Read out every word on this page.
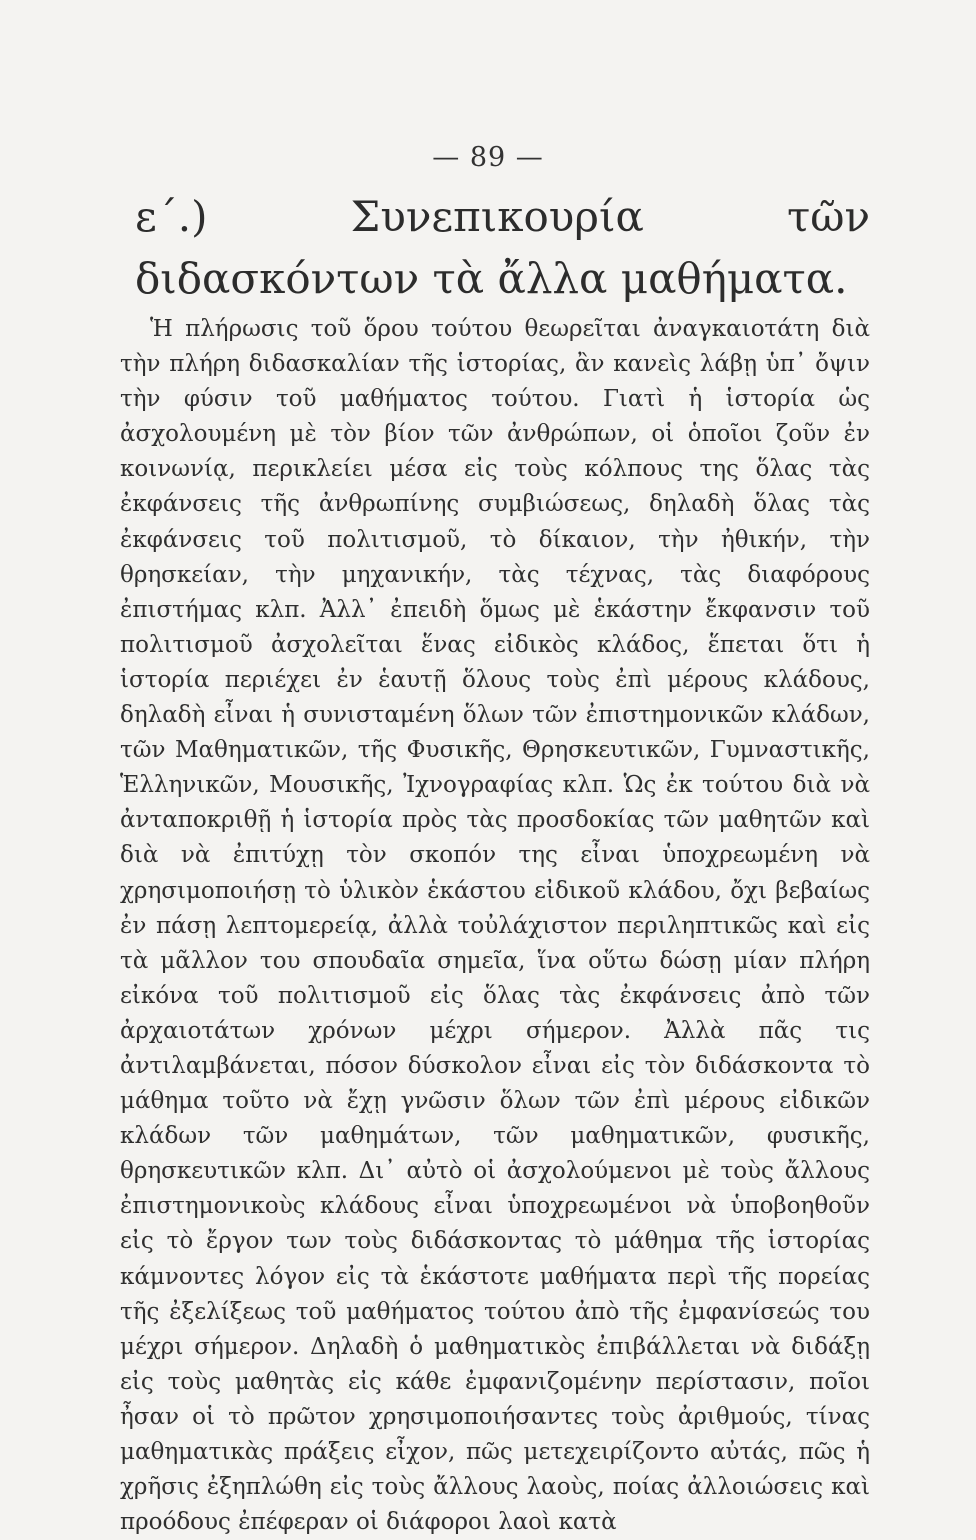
— 89 —
ε΄.) Συνεπικουρία τῶν διδασκόντων τὰ ἄλλα μαθήματα.

Ἡ πλήρωσις τοῦ ὅρου τούτου θεωρεῖται ἀναγκαιοτάτη διὰ τὴν πλήρη διδασκαλίαν τῆς ἱστορίας, ἂν κανεὶς λάβῃ ὑπ᾿ ὄψιν τὴν φύσιν τοῦ μαθήματος τούτου. Γιατὶ ἡ ἱστορία ὡς ἀσχολουμένη μὲ τὸν βίον τῶν ἀνθρώπων, οἱ ὁποῖοι ζοῦν ἐν κοινωνίᾳ, περικλείει μέσα εἰς τοὺς κόλπους της ὅλας τὰς ἐκφάνσεις τῆς ἀνθρωπίνης συμβιώσεως, δηλαδὴ ὅλας τὰς ἐκφάνσεις τοῦ πολιτισμοῦ, τὸ δίκαιον, τὴν ἠθικήν, τὴν θρησκείαν, τὴν μηχανικήν, τὰς τέχνας, τὰς διαφόρους ἐπιστήμας κλπ. Ἀλλ᾿ ἐπειδὴ ὅμως μὲ ἑκάστην ἔκφανσιν τοῦ πολιτισμοῦ ἀσχολεῖται ἕνας εἰδικὸς κλάδος, ἕπεται ὅτι ἡ ἱστορία περιέχει ἐν ἑαυτῇ ὅλους τοὺς ἐπὶ μέρους κλάδους, δηλαδὴ εἶναι ἡ συνισταμένη ὅλων τῶν ἐπιστημονικῶν κλάδων, τῶν Μαθηματικῶν, τῆς Φυσικῆς, Θρησκευτικῶν, Γυμναστικῆς, Ἑλληνικῶν, Μουσικῆς, Ἰχνογραφίας κλπ. Ὡς ἐκ τούτου διὰ νὰ ἀνταποκριθῇ ἡ ἱστορία πρὸς τὰς προσδοκίας τῶν μαθητῶν καὶ διὰ νὰ ἐπιτύχῃ τὸν σκοπόν της εἶναι ὑποχρεωμένη νὰ χρησιμοποιήσῃ τὸ ὑλικὸν ἑκάστου εἰδικοῦ κλάδου, ὄχι βεβαίως ἐν πάσῃ λεπτομερείᾳ, ἀλλὰ τοὐλάχιστον περιληπτικῶς καὶ εἰς τὰ μᾶλλον του σπουδαῖα σημεῖα, ἵνα οὕτω δώσῃ μίαν πλήρη εἰκόνα τοῦ πολιτισμοῦ εἰς ὅλας τὰς ἐκφάνσεις ἀπὸ τῶν ἀρχαιοτάτων χρόνων μέχρι σήμερον. Ἀλλὰ πᾶς τις ἀντιλαμβάνεται, πόσον δύσκολον εἶναι εἰς τὸν διδάσκοντα τὸ μάθημα τοῦτο νὰ ἔχῃ γνῶσιν ὅλων τῶν ἐπὶ μέρους εἰδικῶν κλάδων τῶν μαθημάτων, τῶν μαθηματικῶν, φυσικῆς, θρησκευτικῶν κλπ. Δι᾿ αὐτὸ οἱ ἀσχολούμενοι μὲ τοὺς ἄλλους ἐπιστημονικοὺς κλάδους εἶναι ὑποχρεωμένοι νὰ ὑποβοηθοῦν εἰς τὸ ἔργον των τοὺς διδάσκοντας τὸ μάθημα τῆς ἱστορίας κάμνοντες λόγον εἰς τὰ ἑκάστοτε μαθήματα περὶ τῆς πορείας τῆς ἐξελίξεως τοῦ μαθήματος τούτου ἀπὸ τῆς ἐμφανίσεώς του μέχρι σήμερον. Δηλαδὴ ὁ μαθηματικὸς ἐπιβάλλεται νὰ διδάξῃ εἰς τοὺς μαθητὰς εἰς κάθε ἐμφανιζομένην περίστασιν, ποῖοι ἦσαν οἱ τὸ πρῶτον χρησιμοποιήσαντες τοὺς ἀριθμούς, τίνας μαθηματικὰς πράξεις εἶχον, πῶς μετεχειρίζοντο αὐτάς, πῶς ἡ χρῆσις ἐξηπλώθη εἰς τοὺς ἄλλους λαοὺς, ποίας ἀλλοιώσεις καὶ προόδους ἐπέφεραν οἱ διάφοροι λαοὶ κατὰ
